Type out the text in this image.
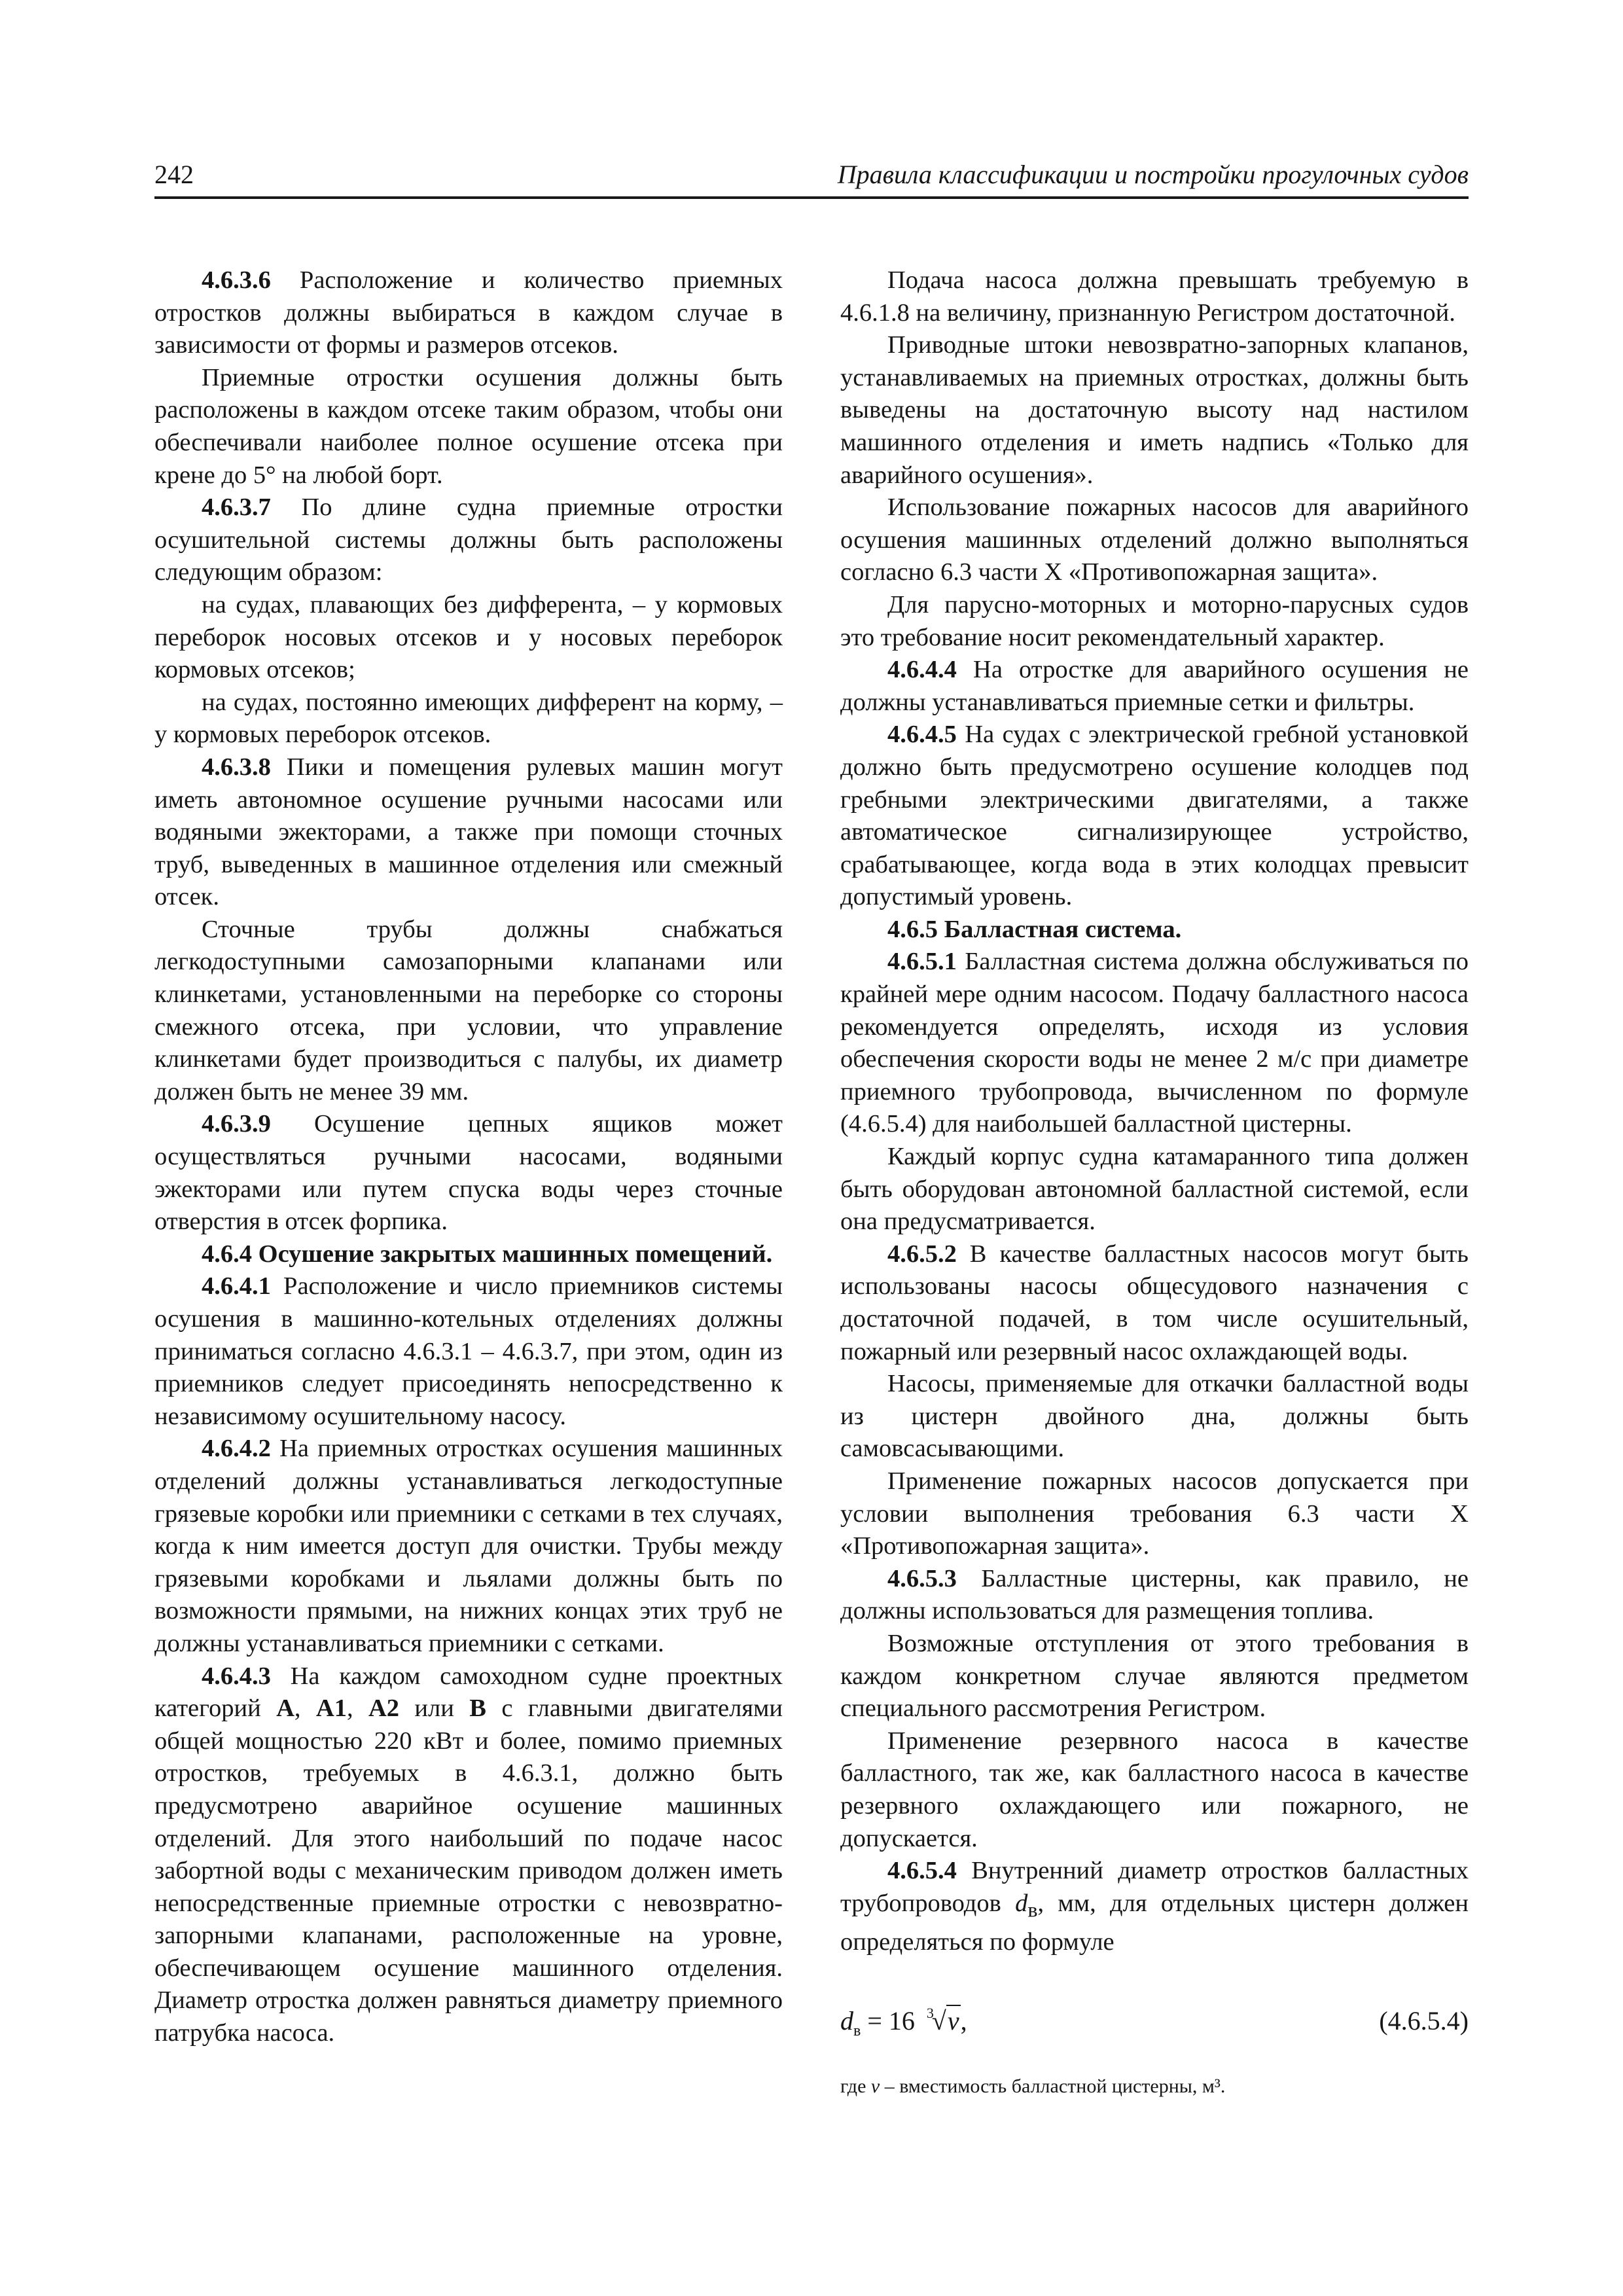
242	Правила классификации и постройки прогулочных судов

4.6.3.6 Расположение и количество приемных отростков должны выбираться в каждом случае в зависимости от формы и размеров отсеков.

Приемные отростки осушения должны быть расположены в каждом отсеке таким образом, чтобы они обеспечивали наиболее полное осушение отсека при крене до 5° на любой борт.

4.6.3.7 По длине судна приемные отростки осушительной системы должны быть расположены следующим образом:

на судах, плавающих без дифферента, – у кормовых переборок носовых отсеков и у носовых переборок кормовых отсеков;

на судах, постоянно имеющих дифферент на корму, – у кормовых переборок отсеков.

4.6.3.8 Пики и помещения рулевых машин могут иметь автономное осушение ручными насосами или водяными эжекторами, а также при помощи сточных труб, выведенных в машинное отделения или смежный отсек.

Сточные трубы должны снабжаться легкодоступными самозапорными клапанами или клинкетами, установленными на переборке со стороны смежного отсека, при условии, что управление клинкетами будет производиться с палубы, их диаметр должен быть не менее 39 мм.

4.6.3.9 Осушение цепных ящиков может осуществляться ручными насосами, водяными эжекторами или путем спуска воды через сточные отверстия в отсек форпика.

4.6.4 Осушение закрытых машинных помещений.

4.6.4.1 Расположение и число приемников системы осушения в машинно-котельных отделениях должны приниматься согласно 4.6.3.1 – 4.6.3.7, при этом, один из приемников следует присоединять непосредственно к независимому осушительному насосу.

4.6.4.2 На приемных отростках осушения машинных отделений должны устанавливаться легкодоступные грязевые коробки или приемники с сетками в тех случаях, когда к ним имеется доступ для очистки. Трубы между грязевыми коробками и льялами должны быть по возможности прямыми, на нижних концах этих труб не должны устанавливаться приемники с сетками.

4.6.4.3 На каждом самоходном судне проектных категорий A, A1, A2 или B с главными двигателями общей мощностью 220 кВт и более, помимо приемных отростков, требуемых в 4.6.3.1, должно быть предусмотрено аварийное осушение машинных отделений. Для этого наибольший по подаче насос забортной воды с механическим приводом должен иметь непосредственные приемные отростки с невозвратно-запорными клапанами, расположенные на уровне, обеспечивающем осушение машинного отделения. Диаметр отростка должен равняться диаметру приемного патрубка насоса.

Подача насоса должна превышать требуемую в 4.6.1.8 на величину, признанную Регистром достаточной.

Приводные штоки невозвратно-запорных клапанов, устанавливаемых на приемных отростках, должны быть выведены на достаточную высоту над настилом машинного отделения и иметь надпись «Только для аварийного осушения».

Использование пожарных насосов для аварийного осушения машинных отделений должно выполняться согласно 6.3 части X «Противопожарная защита».

Для парусно-моторных и моторно-парусных судов это требование носит рекомендательный характер.

4.6.4.4 На отростке для аварийного осушения не должны устанавливаться приемные сетки и фильтры.

4.6.4.5 На судах с электрической гребной установкой должно быть предусмотрено осушение колодцев под гребными электрическими двигателями, а также автоматическое сигнализирующее устройство, срабатывающее, когда вода в этих колодцах превысит допустимый уровень.

4.6.5 Балластная система.

4.6.5.1 Балластная система должна обслуживаться по крайней мере одним насосом. Подачу балластного насоса рекомендуется определять, исходя из условия обеспечения скорости воды не менее 2 м/с при диаметре приемного трубопровода, вычисленном по формуле (4.6.5.4) для наибольшей балластной цистерны.

Каждый корпус судна катамаранного типа должен быть оборудован автономной балластной системой, если она предусматривается.

4.6.5.2 В качестве балластных насосов могут быть использованы насосы общесудового назначения с достаточной подачей, в том числе осушительный, пожарный или резервный насос охлаждающей воды.

Насосы, применяемые для откачки балластной воды из цистерн двойного дна, должны быть самовсасывающими.

Применение пожарных насосов допускается при условии выполнения требования 6.3 части X «Противопожарная защита».

4.6.5.3 Балластные цистерны, как правило, не должны использоваться для размещения топлива.

Возможные отступления от этого требования в каждом конкретном случае являются предметом специального рассмотрения Регистром.

Применение резервного насоса в качестве балластного, так же, как балластного насоса в качестве резервного охлаждающего или пожарного, не допускается.

4.6.5.4 Внутренний диаметр отростков балластных трубопроводов $d_в$, мм, для отдельных цистерн должен определяться по формуле

$d_в = 16$ 3
√v,	(4.6.5.4)
где v – вместимость балластной цистерны, м³.
